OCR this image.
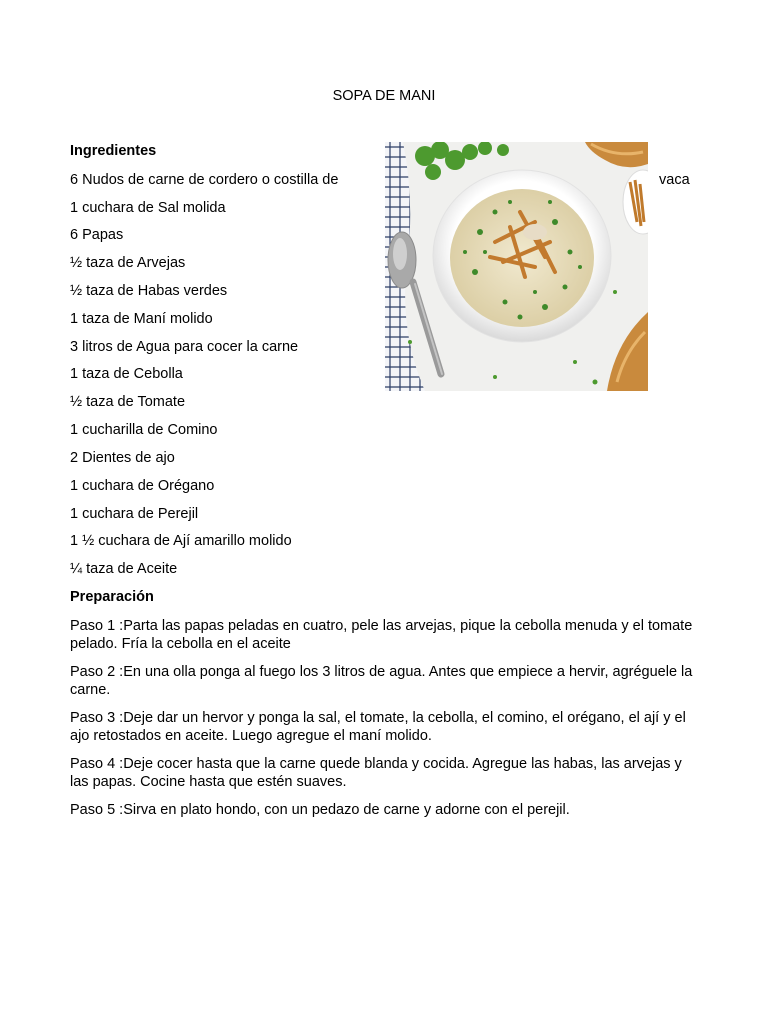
SOPA DE MANI
Ingredientes
6 Nudos de carne de cordero o costilla de	vaca
1 cuchara de Sal molida
6 Papas
½ taza de Arvejas
½ taza de Habas verdes
1 taza de Maní molido
3 litros de Agua para cocer la carne
1 taza de Cebolla
½ taza de Tomate
1 cucharilla de Comino
2 Dientes de ajo
1 cuchara de Orégano
1 cuchara de Perejil
1 ½ cuchara de Ají amarillo molido
¼ taza de Aceite
Preparación
Paso 1 :Parta las papas peladas en cuatro, pele las arvejas, pique la cebolla menuda y el tomate pelado. Fría la cebolla en el aceite
Paso 2 :En una olla ponga al fuego los 3 litros de agua. Antes que empiece a hervir, agréguele la carne.
Paso 3 :Deje dar un hervor y ponga la sal, el tomate, la cebolla, el comino, el orégano, el ají y el ajo retostados en aceite. Luego agregue el maní molido.
Paso 4 :Deje cocer hasta que la carne quede blanda y cocida. Agregue las habas, las arvejas y las papas. Cocine hasta que estén suaves.
Paso 5 :Sirva en plato hondo, con un pedazo de carne y adorne con el perejil.
